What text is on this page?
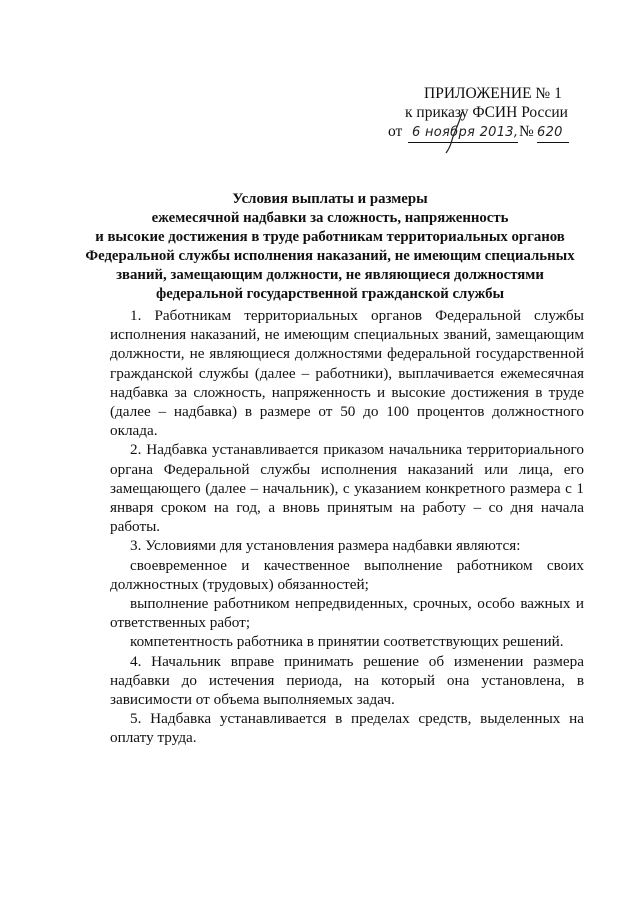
ПРИЛОЖЕНИЕ № 1
к приказу ФСИН России
от 6 ноября 2013, № 620
Условия выплаты и размеры
ежемесячной надбавки за сложность, напряженность
и высокие достижения в труде работникам территориальных органов
Федеральной службы исполнения наказаний, не имеющим специальных
званий, замещающим должности, не являющиеся должностями
федеральной государственной гражданской службы

1. Работникам территориальных органов Федеральной службы исполнения наказаний, не имеющим специальных званий, замещающим должности, не являющиеся должностями федеральной государственной гражданской службы (далее – работники), выплачивается ежемесячная надбавка за сложность, напряженность и высокие достижения в труде (далее – надбавка) в размере от 50 до 100 процентов должностного оклада.

2. Надбавка устанавливается приказом начальника территориального органа Федеральной службы исполнения наказаний или лица, его замещающего (далее – начальник), с указанием конкретного размера с 1 января сроком на год, а вновь принятым на работу – со дня начала работы.

3. Условиями для установления размера надбавки являются:

своевременное и качественное выполнение работником своих должностных (трудовых) обязанностей;

выполнение работником непредвиденных, срочных, особо важных и ответственных работ;

компетентность работника в принятии соответствующих решений.

4. Начальник вправе принимать решение об изменении размера надбавки до истечения периода, на который она установлена, в зависимости от объема выполняемых задач.

5. Надбавка устанавливается в пределах средств, выделенных на оплату труда.
